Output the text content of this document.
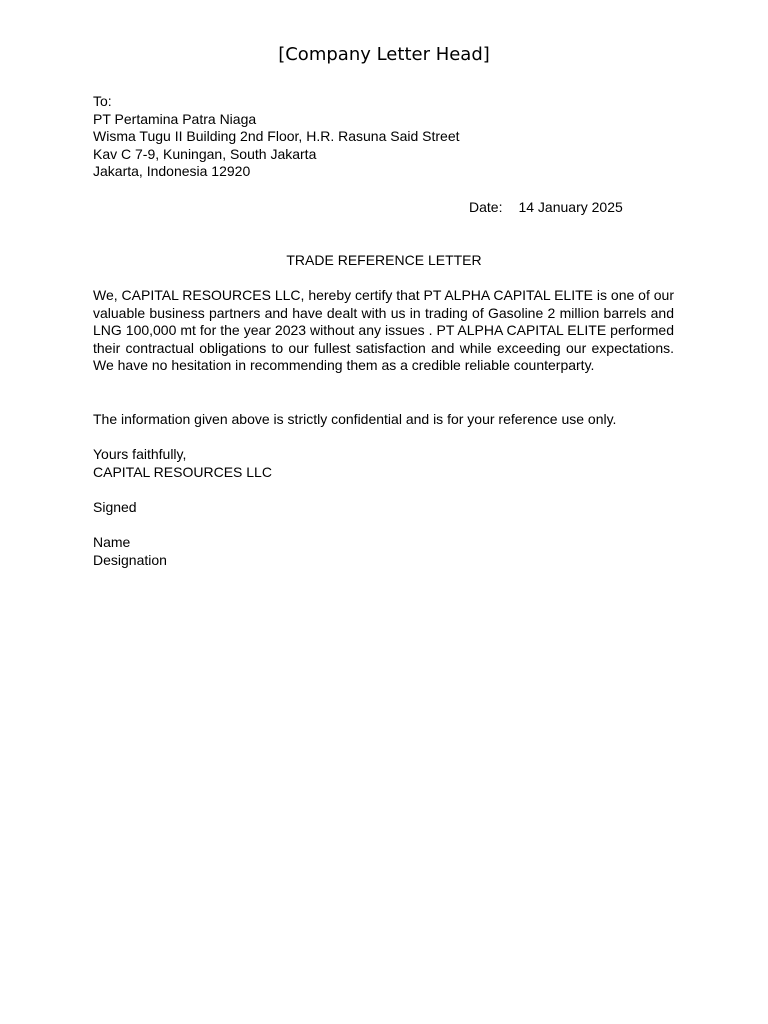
[Company Letter Head]
To:
PT Pertamina Patra Niaga
Wisma Tugu II Building 2nd Floor, H.R. Rasuna Said Street
Kav C 7-9, Kuningan, South Jakarta
Jakarta, Indonesia 12920
Date: 14 January 2025
TRADE REFERENCE LETTER
We, CAPITAL RESOURCES LLC, hereby certify that PT ALPHA CAPITAL ELITE is one of our valuable business partners and have dealt with us in trading of Gasoline 2 million barrels and LNG 100,000 mt for the year 2023 without any issues . PT ALPHA CAPITAL ELITE performed their contractual obligations to our fullest satisfaction and while exceeding our expectations. We have no hesitation in recommending them as a credible reliable counterparty.
The information given above is strictly confidential and is for your reference use only.
Yours faithfully,
CAPITAL RESOURCES LLC
Signed
Name
Designation
